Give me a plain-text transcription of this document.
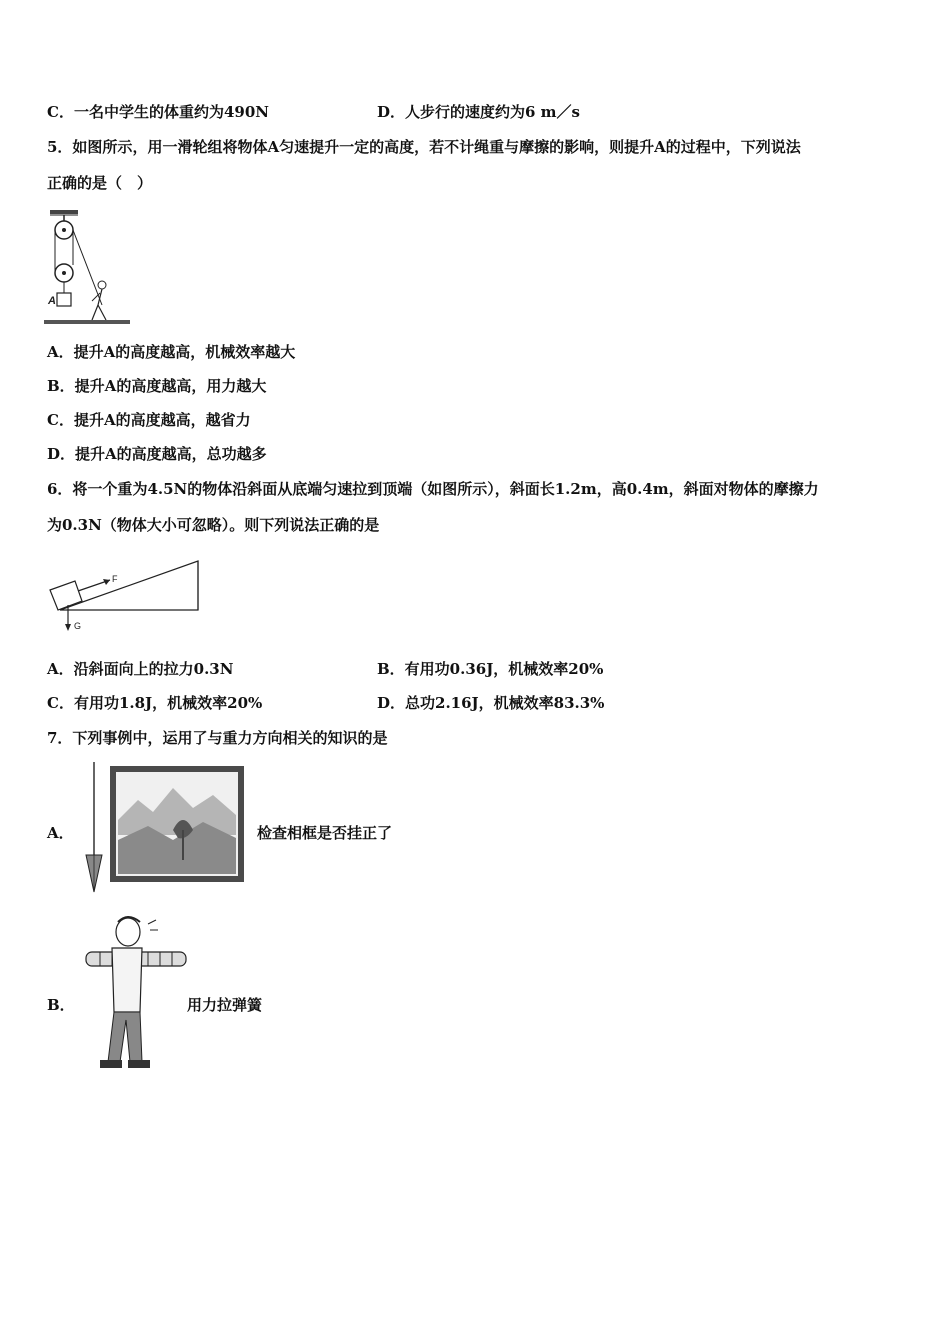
C．一名中学生的体重约为490N	D．人步行的速度约为6 m／s
5．如图所示，用一滑轮组将物体A匀速提升一定的高度，若不计绳重与摩擦的影响，则提升A的过程中，下列说法
正确的是（　）
A
A．提升A的高度越高，机械效率越大
B．提升A的高度越高，用力越大
C．提升A的高度越高，越省力
D．提升A的高度越高，总功越多
6．将一个重为4.5N的物体沿斜面从底端匀速拉到顶端（如图所示），斜面长1.2m，高0.4m，斜面对物体的摩擦力
为0.3N（物体大小可忽略）。则下列说法正确的是
F
G
A．沿斜面向上的拉力0.3N	B．有用功0.36J，机械效率20%
C．有用功1.8J，机械效率20%	D．总功2.16J，机械效率83.3%
7．下列事例中，运用了与重力方向相关的知识的是
A．	检查相框是否挂正了
B．	用力拉弹簧
